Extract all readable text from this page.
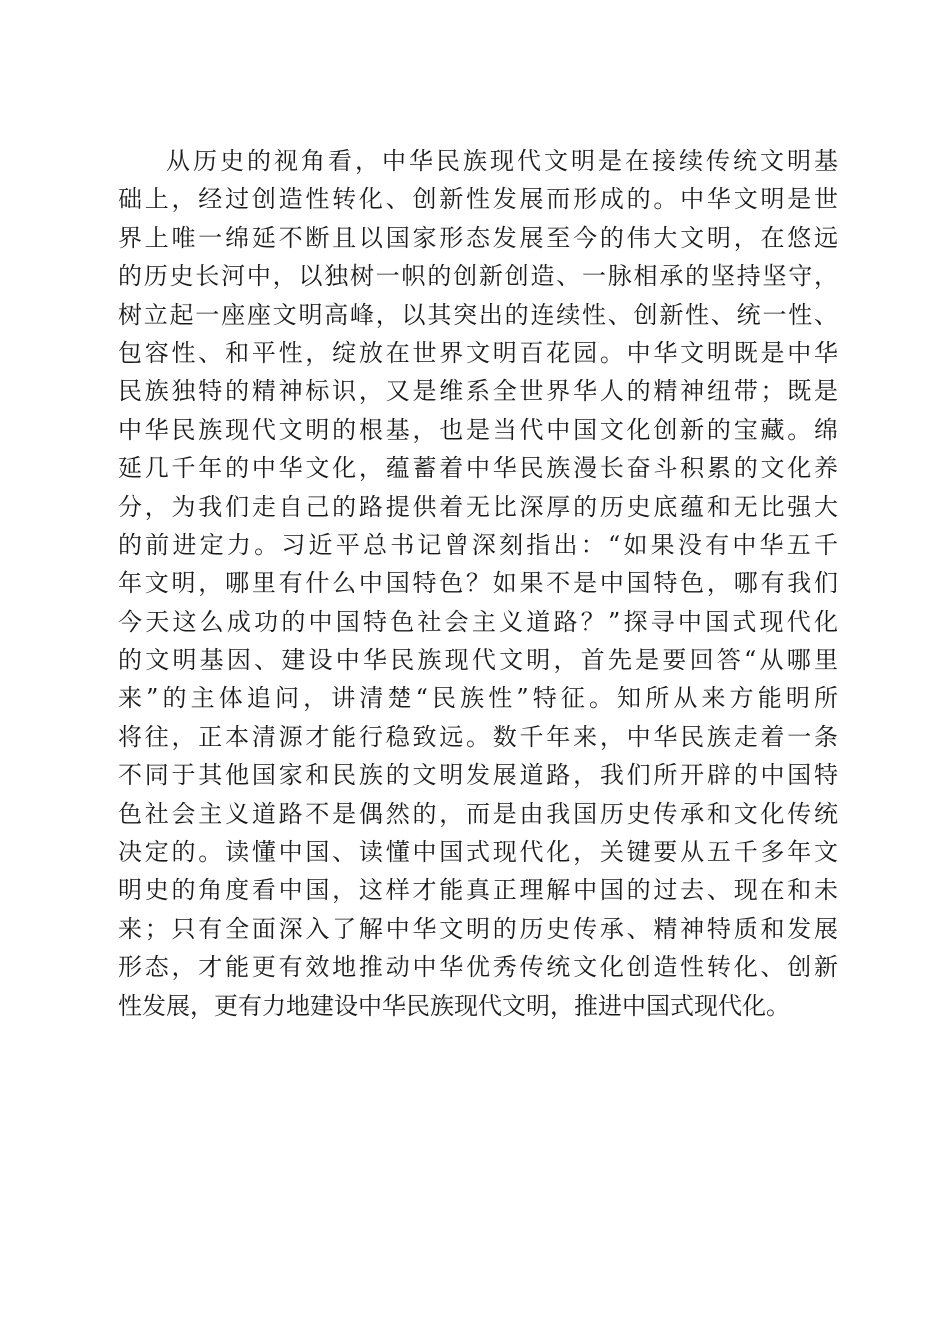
从历史的视角看，中华民族现代文明是在接续传统文明基
础上，经过创造性转化、创新性发展而形成的。中华文明是世
界上唯一绵延不断且以国家形态发展至今的伟大文明，在悠远
的历史长河中，以独树一帜的创新创造、一脉相承的坚持坚守，
树立起一座座文明高峰，以其突出的连续性、创新性、统一性、
包容性、和平性，绽放在世界文明百花园。中华文明既是中华
民族独特的精神标识，又是维系全世界华人的精神纽带；既是
中华民族现代文明的根基，也是当代中国文化创新的宝藏。绵
延几千年的中华文化，蕴蓄着中华民族漫长奋斗积累的文化养
分，为我们走自己的路提供着无比深厚的历史底蕴和无比强大
的前进定力。习近平总书记曾深刻指出：“如果没有中华五千
年文明，哪里有什么中国特色？如果不是中国特色，哪有我们
今天这么成功的中国特色社会主义道路？”探寻中国式现代化
的文明基因、建设中华民族现代文明，首先是要回答“从哪里
来”的主体追问，讲清楚“民族性”特征。知所从来方能明所
将往，正本清源才能行稳致远。数千年来，中华民族走着一条
不同于其他国家和民族的文明发展道路，我们所开辟的中国特
色社会主义道路不是偶然的，而是由我国历史传承和文化传统
决定的。读懂中国、读懂中国式现代化，关键要从五千多年文
明史的角度看中国，这样才能真正理解中国的过去、现在和未
来；只有全面深入了解中华文明的历史传承、精神特质和发展
形态，才能更有效地推动中华优秀传统文化创造性转化、创新
性发展，更有力地建设中华民族现代文明，推进中国式现代化。
